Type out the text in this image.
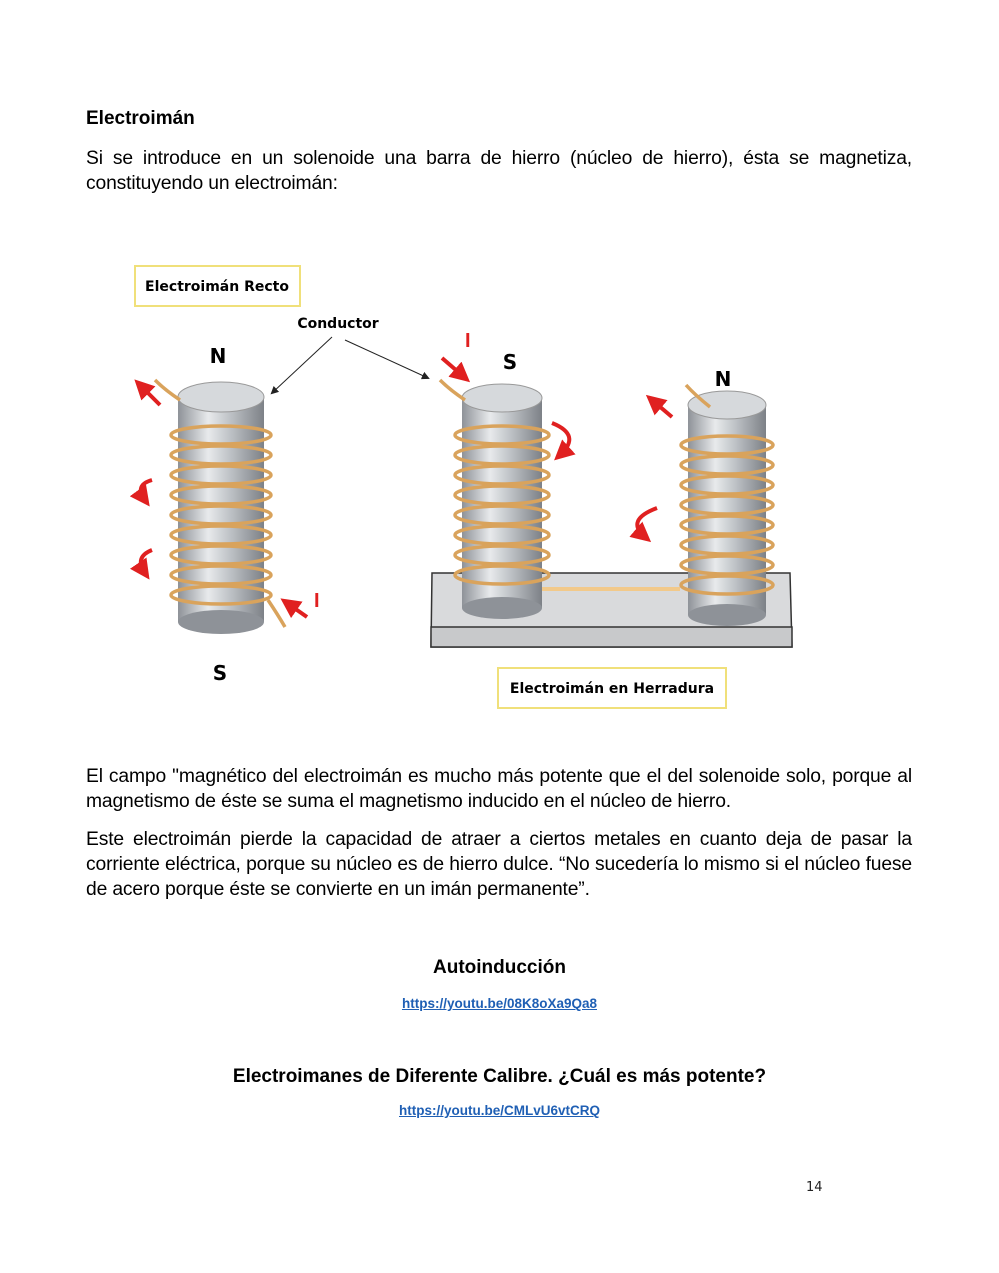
Electroimán
Si se introduce en un solenoide una barra de hierro (núcleo de hierro), ésta se magnetiza, constituyendo un electroimán:
Electroimán Recto
Conductor
N
I
S
S
N
I
Electroimán en Herradura
El campo "magnético del electroimán es mucho más potente que el del solenoide solo, porque al magnetismo de éste se suma el magnetismo inducido en el núcleo de hierro.
Este electroimán pierde la capacidad de atraer a ciertos metales en cuanto deja de pasar la corriente eléctrica, porque su núcleo es de hierro dulce. “No sucedería lo mismo si el núcleo fuese de acero porque éste se convierte en un imán permanente”.
Autoinducción
https://youtu.be/08K8oXa9Qa8
Electroimanes de Diferente Calibre. ¿Cuál es más potente?
https://youtu.be/CMLvU6vtCRQ
14
